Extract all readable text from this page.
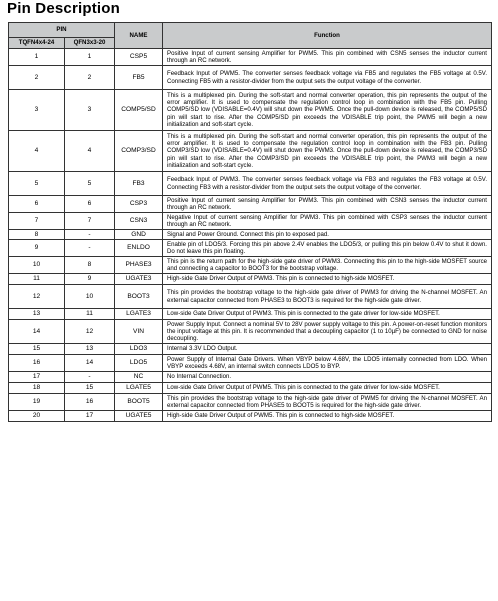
Pin Description
PIN		NAME	Function
TQFN4x4-24	QFN3x3-20		
1	1	CSP5	Positive Input of current sensing Amplifier for PWM5. This pin combined with CSN5 senses the inductor current through an RC network.
2	2	FB5	Feedback Input of PWM5. The converter senses feedback voltage via FB5 and regulates the FB5 voltage at 0.5V. Connecting FB5 with a resistor-divider from the output sets the output voltage of the converter.
3	3	COMP5/SD	This is a multiplexed pin. During the soft-start and normal converter operation, this pin represents the output of the error amplifier. It is used to compensate the regulation control loop in combination with the FB5 pin. Pulling COMP5/SD low (VDISABLE=0.4V) will shut down the PWM5. Once the pull-down device is released, the COMP5/SD pin will start to rise. After the COMP5/SD pin exceeds the VDISABLE trip point, the PWM5 will begin a new initialization and soft-start cycle.
4	4	COMP3/SD	This is a multiplexed pin. During the soft-start and normal converter operation, this pin represents the output of the error amplifier. It is used to compensate the regulation control loop in combination with the FB3 pin. Pulling COMP3/SD low (VDISABLE=0.4V) will shut down the PWM3. Once the pull-down device is released, the COMP3/SD pin will start to rise. After the COMP3/SD pin exceeds the VDISABLE trip point, the PWM3 will begin a new initialization and soft-start cycle.
5	5	FB3	Feedback Input of PWM3. The converter senses feedback voltage via FB3 and regulates the FB3 voltage at 0.5V. Connecting FB3 with a resistor-divider from the output sets the output voltage of the converter.
6	6	CSP3	Positive Input of current sensing Amplifier for PWM3. This pin combined with CSN3 senses the inductor current through an RC network.
7	7	CSN3	Negative Input of current sensing Amplifier for PWM3. This pin combined with CSP3 senses the inductor current through an RC network.
8	-	GND	Signal and Power Ground. Connect this pin to exposed pad.
9	-	ENLDO	Enable pin of LDO5/3. Forcing this pin above 2.4V enables the LDO5/3, or pulling this pin below 0.4V to shut it down. Do not leave this pin floating.
10	8	PHASE3	This pin is the return path for the high-side gate driver of PWM3. Connecting this pin to the high-side MOSFET source and connecting a capacitor to BOOT3 for the bootstrap voltage.
11	9	UGATE3	High-side Gate Driver Output of PWM3. This pin is connected to high-side MOSFET.
12	10	BOOT3	This pin provides the bootstrap voltage to the high-side gate driver of PWM3 for driving the N-channel MOSFET. An external capacitor connected from PHASE3 to BOOT3 is required for the high-side gate driver.
13	11	LGATE3	Low-side Gate Driver Output of PWM3. This pin is connected to the gate driver for low-side MOSFET.
14	12	VIN	Power Supply Input. Connect a nominal 5V to 28V power supply voltage to this pin. A power-on-reset function monitors the input voltage at this pin. It is recommended that a decoupling capacitor (1 to 10µF) be connected to GND for noise decoupling.
15	13	LDO3	Internal 3.3V LDO Output.
16	14	LDO5	Power Supply of Internal Gate Drivers. When VBYP below 4.68V, the LDO5 internally connected from LDO. When VBYP exceeds 4.68V, an internal switch connects LDO5 to BYP.
17	-	NC	No Internal Connection.
18	15	LGATE5	Low-side Gate Driver Output of PWM5. This pin is connected to the gate driver for low-side MOSFET.
19	16	BOOT5	This pin provides the bootstrap voltage to the high-side gate driver of PWM5 for driving the N-channel MOSFET. An external capacitor connected from PHASE5 to BOOT5 is required for the high-side gate driver.
20	17	UGATE5	High-side Gate Driver Output of PWM5. This pin is connected to high-side MOSFET.
